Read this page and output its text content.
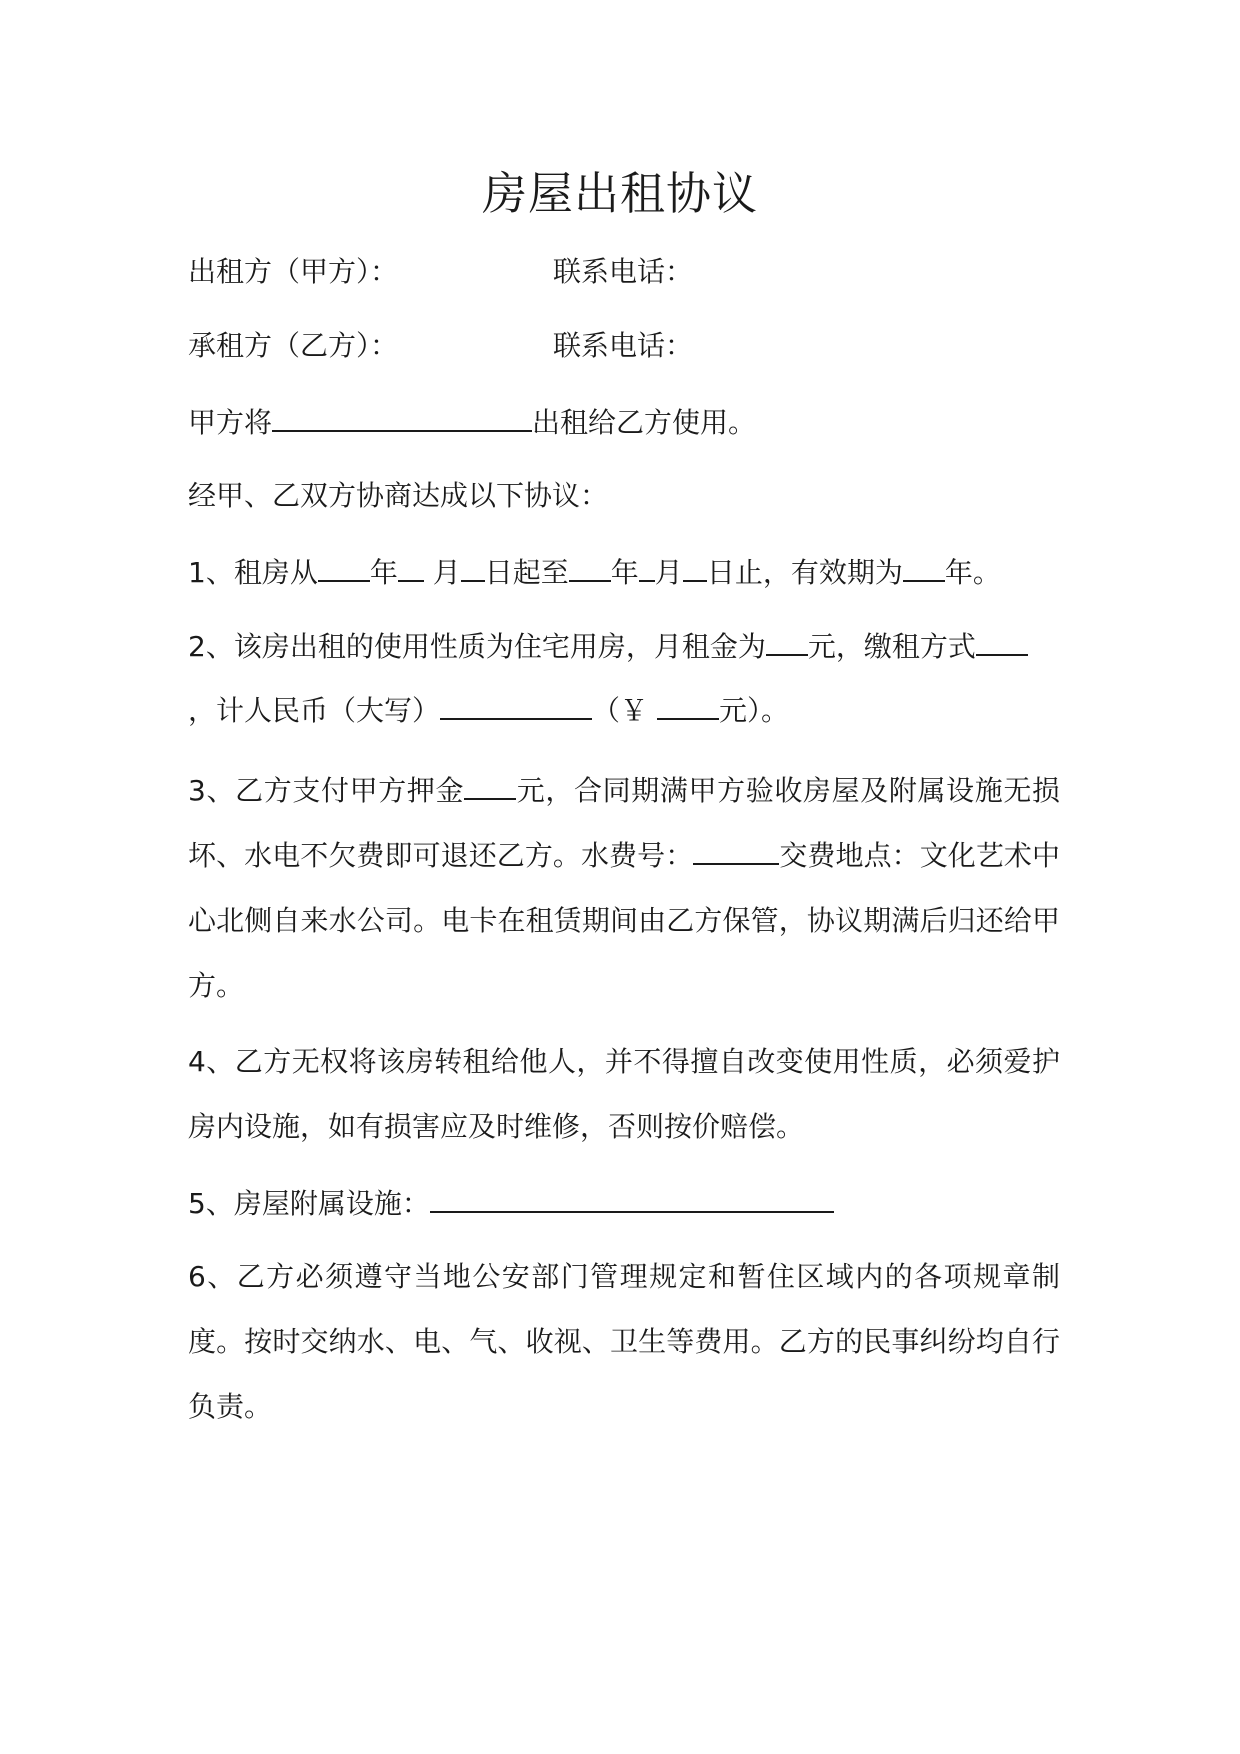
房屋出租协议
出租方（甲方）：	联系电话：
承租方（乙方）：	联系电话：
甲方将	出租给乙方使用。
经甲、乙双方协商达成以下协议：
1、租房从 年 月 日起至 年 月 日止，有效期为 年。
2、该房出租的使用性质为住宅用房，月租金为 元，缴租方式
，计人民币（大写）	（￥	元）。
3、乙方支付甲方押金 元，合同期满甲方验收房屋及附属设施无损坏、水电不欠费即可退还乙方。水费号：	交费地点：文化艺术中心北侧自来水公司。电卡在租赁期间由乙方保管，协议期满后归还给甲方。
4、乙方无权将该房转租给他人，并不得擅自改变使用性质，必须爱护房内设施，如有损害应及时维修，否则按价赔偿。
5、房屋附属设施：
6、乙方必须遵守当地公安部门管理规定和暂住区域内的各项规章制度。按时交纳水、电、气、收视、卫生等费用。乙方的民事纠纷均自行负责。
